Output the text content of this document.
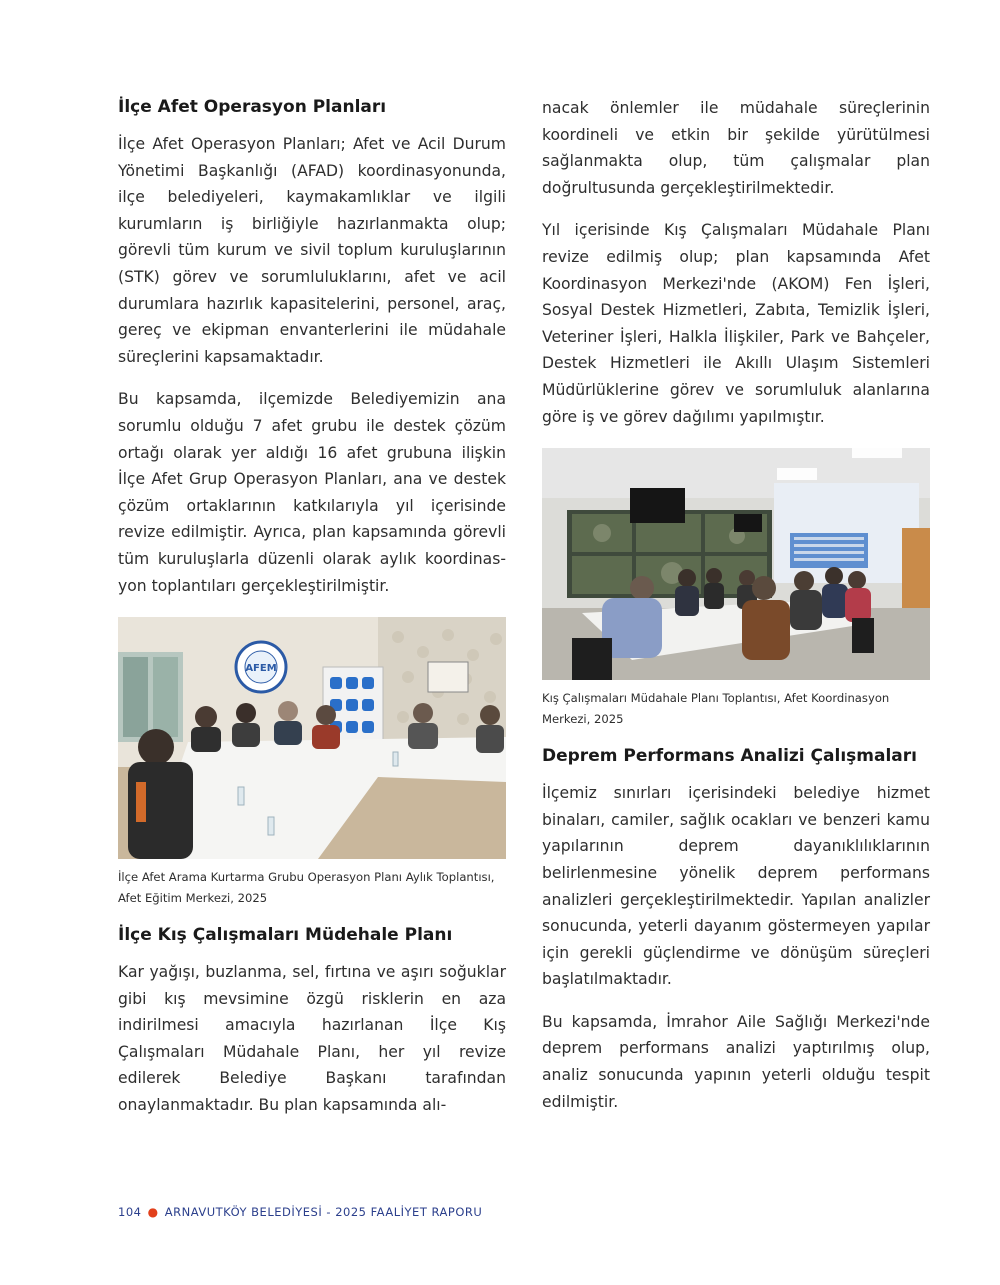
İlçe Afet Operasyon Planları

İlçe Afet Operasyon Planları; Afet ve Acil Durum Yönetimi Başkanlığı (AFAD) koordinasyonunda, ilçe belediyeleri, kaymakamlıklar ve ilgili kurumların iş birliğiyle hazırlanmakta olup; görevli tüm kurum ve sivil toplum kuruluşlarının (STK) görev ve sorumluluklarını, afet ve acil durumlara hazırlık kapasitelerini, personel, araç, gereç ve ekipman envanterlerini ile müdahale süreçlerini kapsamaktadır.

Bu kapsamda, ilçemizde Belediyemizin ana sorumlu olduğu 7 afet grubu ile destek çözüm ortağı olarak yer aldığı 16 afet grubuna ilişkin İlçe Afet Grup Operasyon Planları, ana ve destek çözüm ortaklarının katkılarıyla yıl içerisinde revize edilmiştir. Ayrıca, plan kapsamında görevli tüm kuruluşlarla düzenli olarak aylık koordinasyon toplantıları gerçekleştirilmiştir.

AFEM
İlçe Afet Arama Kurtarma Grubu Operasyon Planı Aylık Toplantısı, Afet Eğitim Merkezi, 2025
İlçe Kış Çalışmaları Müdehale Planı

Kar yağışı, buzlanma, sel, fırtına ve aşırı soğuklar gibi kış mevsimine özgü risklerin en aza indirilmesi amacıyla hazırlanan İlçe Kış Çalışmaları Müdahale Planı, her yıl revize edilerek Belediye Başkanı tarafından onaylanmaktadır. Bu plan kapsamında alı-

nacak önlemler ile müdahale süreçlerinin koordineli ve etkin bir şekilde yürütülmesi sağlanmakta olup, tüm çalışmalar plan doğrultusunda gerçekleştirilmektedir.

Yıl içerisinde Kış Çalışmaları Müdahale Planı revize edilmiş olup; plan kapsamında Afet Koordinasyon Merkezi'nde (AKOM) Fen İşleri, Sosyal Destek Hizmetleri, Zabıta, Temizlik İşleri, Veteriner İşleri, Halkla İlişkiler, Park ve Bahçeler, Destek Hizmetleri ile Akıllı Ulaşım Sistemleri Müdürlüklerine görev ve sorumluluk alanlarına göre iş ve görev dağılımı yapılmıştır.

Kış Çalışmaları Müdahale Planı Toplantısı, Afet Koordinasyon Merkezi, 2025
Deprem Performans Analizi Çalışmaları

İlçemiz sınırları içerisindeki belediye hizmet binaları, camiler, sağlık ocakları ve benzeri kamu yapılarının deprem dayanıklılıklarının belirlenmesine yönelik deprem performans analizleri gerçekleştirilmektedir. Yapılan analizler sonucunda, yeterli dayanım göstermeyen yapılar için gerekli güçlendirme ve dönüşüm süreçleri başlatılmaktadır.

Bu kapsamda, İmrahor Aile Sağlığı Merkezi'nde deprem performans analizi yaptırılmış olup, analiz sonucunda yapının yeterli olduğu tespit edilmiştir.

104 ● ARNAVUTKÖY BELEDİYESİ - 2025 FAALİYET RAPORU
